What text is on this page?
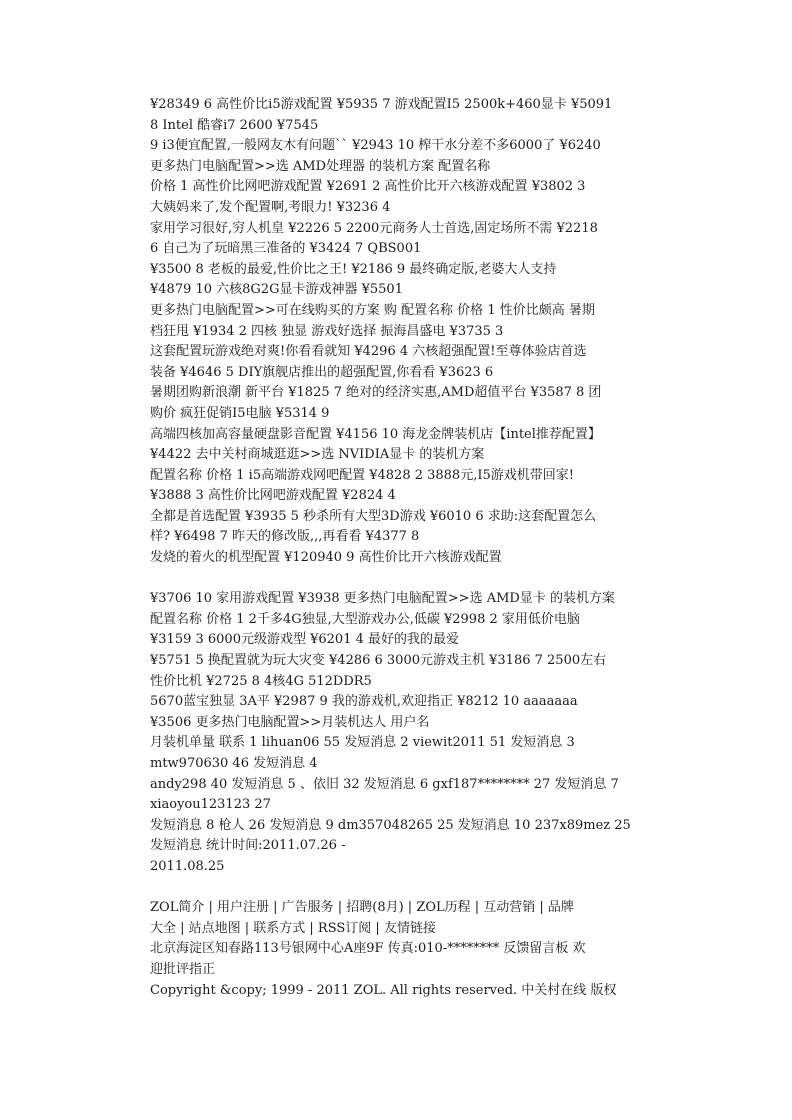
¥28349 6 高性价比i5游戏配置 ¥5935 7 游戏配置I5 2500k+460显卡 ¥5091
8 Intel 酷睿i7 2600 ¥7545
9 i3便宜配置,一般网友木有问题`` ¥2943 10 榨干水分差不多6000了 ¥6240
更多热门电脑配置>>选 AMD处理器 的装机方案 配置名称
价格 1 高性价比网吧游戏配置 ¥2691 2 高性价比开六核游戏配置 ¥3802 3
大姨妈来了,发个配置啊,考眼力! ¥3236 4
家用学习很好,穷人机皇 ¥2226 5 2200元商务人士首选,固定场所不需 ¥2218
6 自己为了玩暗黑三准备的 ¥3424 7 QBS001
¥3500 8 老板的最爱,性价比之王! ¥2186 9 最终确定版,老婆大人支持
¥4879 10 六核8G2G显卡游戏神器 ¥5501
更多热门电脑配置>>可在线购买的方案 购 配置名称 价格 1 性价比颇高 暑期
档狂甩 ¥1934 2 四核 独显 游戏好选择 振海昌盛电 ¥3735 3
这套配置玩游戏绝对爽!你看看就知 ¥4296 4 六核超强配置!至尊体验店首选
装备 ¥4646 5 DIY旗舰店推出的超强配置,你看看 ¥3623 6
暑期团购新浪潮 新平台 ¥1825 7 绝对的经济实惠,AMD超值平台 ¥3587 8 团
购价 疯狂促销I5电脑 ¥5314 9
高端四核加高容量硬盘影音配置 ¥4156 10 海龙金牌装机店【intel推荐配置】
¥4422 去中关村商城逛逛>>选 NVIDIA显卡 的装机方案
配置名称 价格 1 i5高端游戏网吧配置 ¥4828 2 3888元,I5游戏机带回家!
¥3888 3 高性价比网吧游戏配置 ¥2824 4
全都是首选配置 ¥3935 5 秒杀所有大型3D游戏 ¥6010 6 求助:这套配置怎么
样? ¥6498 7 昨天的修改版,,,再看看 ¥4377 8
发烧的着火的机型配置 ¥120940 9 高性价比开六核游戏配置
¥3706 10 家用游戏配置 ¥3938 更多热门电脑配置>>选 AMD显卡 的装机方案
配置名称 价格 1 2千多4G独显,大型游戏办公,低碳 ¥2998 2 家用低价电脑
¥3159 3 6000元级游戏型 ¥6201 4 最好的我的最爱
¥5751 5 换配置就为玩大灾变 ¥4286 6 3000元游戏主机 ¥3186 7 2500左右
性价比机 ¥2725 8 4核4G 512DDR5
5670蓝宝独显 3A平 ¥2987 9 我的游戏机,欢迎指正 ¥8212 10 aaaaaaa
¥3506 更多热门电脑配置>>月装机达人 用户名
月装机单量 联系 1 lihuan06 55 发短消息 2 viewit2011 51 发短消息 3
mtw970630 46 发短消息 4
andy298 40 发短消息 5 、依旧 32 发短消息 6 gxf187******** 27 发短消息 7
xiaoyou123123 27
发短消息 8 枪人 26 发短消息 9 dm357048265 25 发短消息 10 237x89mez 25
发短消息 统计时间:2011.07.26 -
2011.08.25
ZOL简介 | 用户注册 | 广告服务 | 招聘(8月) | ZOL历程 | 互动营销 | 品牌
大全 | 站点地图 | 联系方式 | RSS订阅 | 友情链接
北京海淀区知春路113号银网中心A座9F 传真:010-******** 反馈留言板 欢
迎批评指正
Copyright &copy; 1999 - 2011 ZOL. All rights reserved. 中关村在线 版权
